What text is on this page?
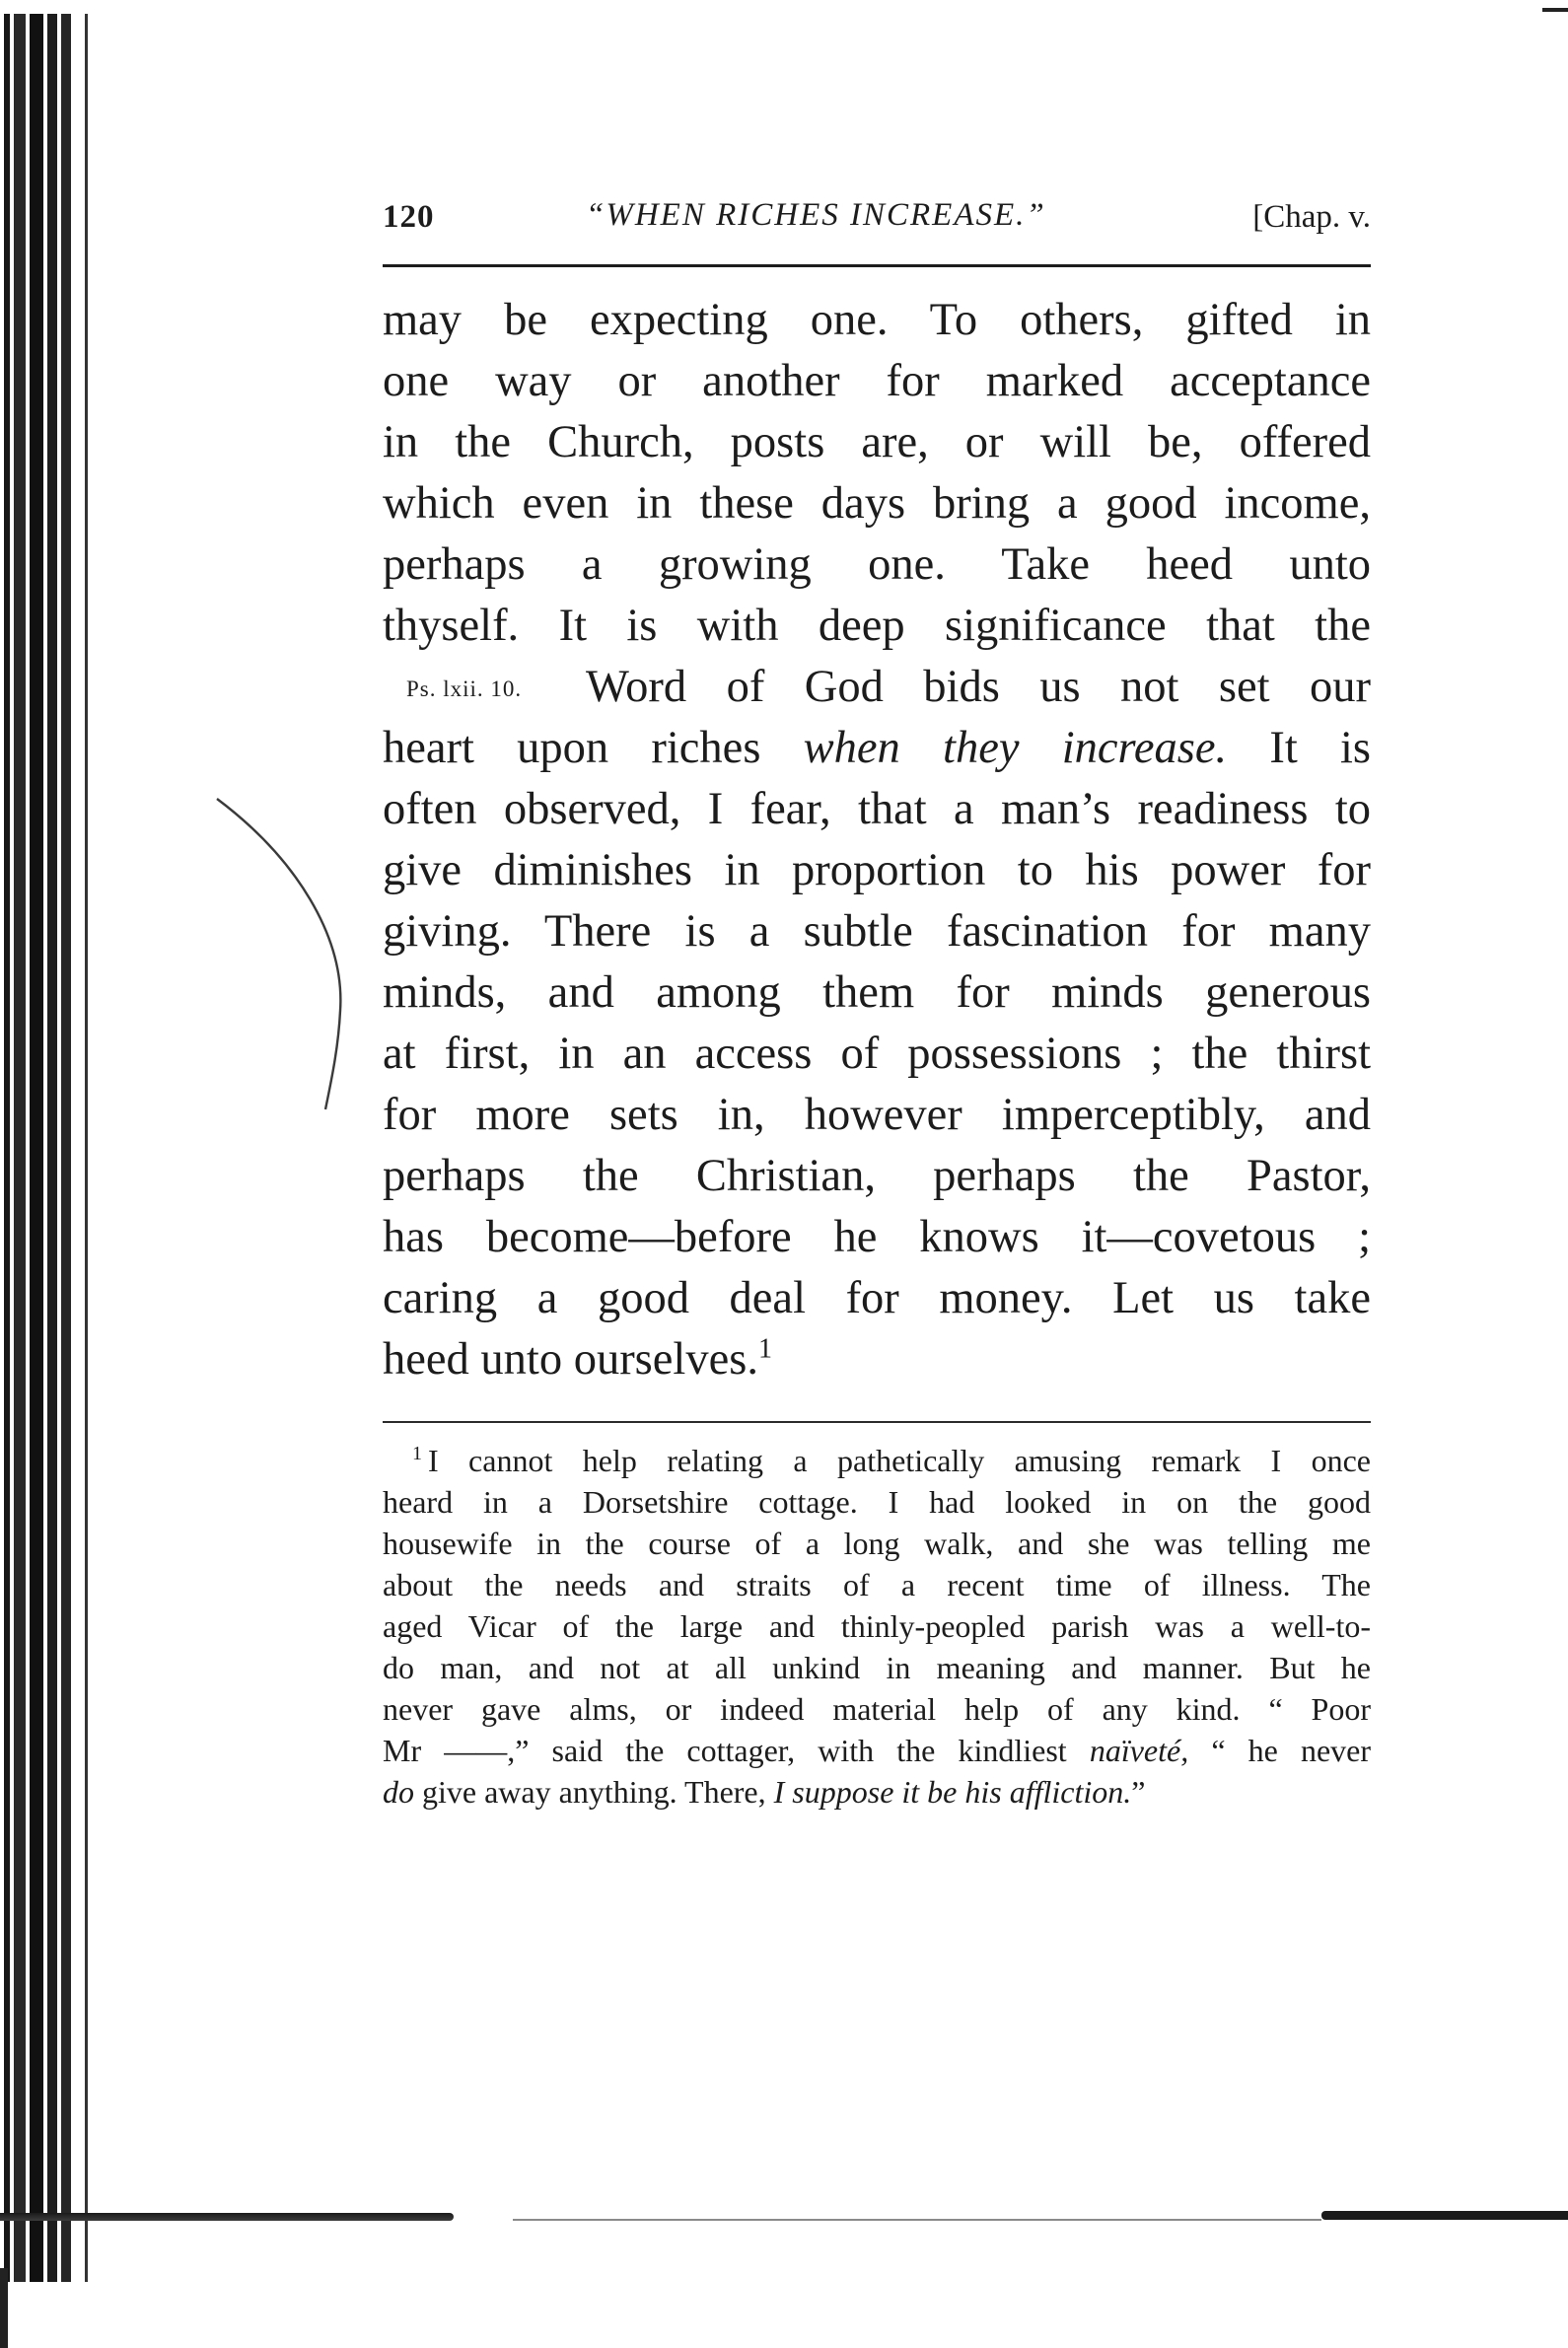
120	“WHEN RICHES INCREASE.”	[Chap. v.
may be expecting one. To others, gifted in
one way or another for marked acceptance
in the Church, posts are, or will be, offered
which even in these days bring a good income,
perhaps a growing one. Take heed unto
thyself. It is with deep significance that the
Ps. lxii. 10. Word of God bids us not set our
heart upon riches when they increase. It is
often observed, I fear, that a man’s readiness to
give diminishes in proportion to his power for
giving. There is a subtle fascination for many
minds, and among them for minds generous
at first, in an access of possessions ; the thirst
for more sets in, however imperceptibly, and
perhaps the Christian, perhaps the Pastor,
has become—before he knows it—covetous ;
caring a good deal for money. Let us take
heed unto ourselves.$^1$
$^1$ I cannot help relating a pathetically amusing remark I once
heard in a Dorsetshire cottage. I had looked in on the good
housewife in the course of a long walk, and she was telling me
about the needs and straits of a recent time of illness. The
aged Vicar of the large and thinly-peopled parish was a well-to-
do man, and not at all unkind in meaning and manner. But he
never gave alms, or indeed material help of any kind. “ Poor
Mr ——,” said the cottager, with the kindliest naïveté, “ he never
do give away anything. There, I suppose it be his affliction.”
